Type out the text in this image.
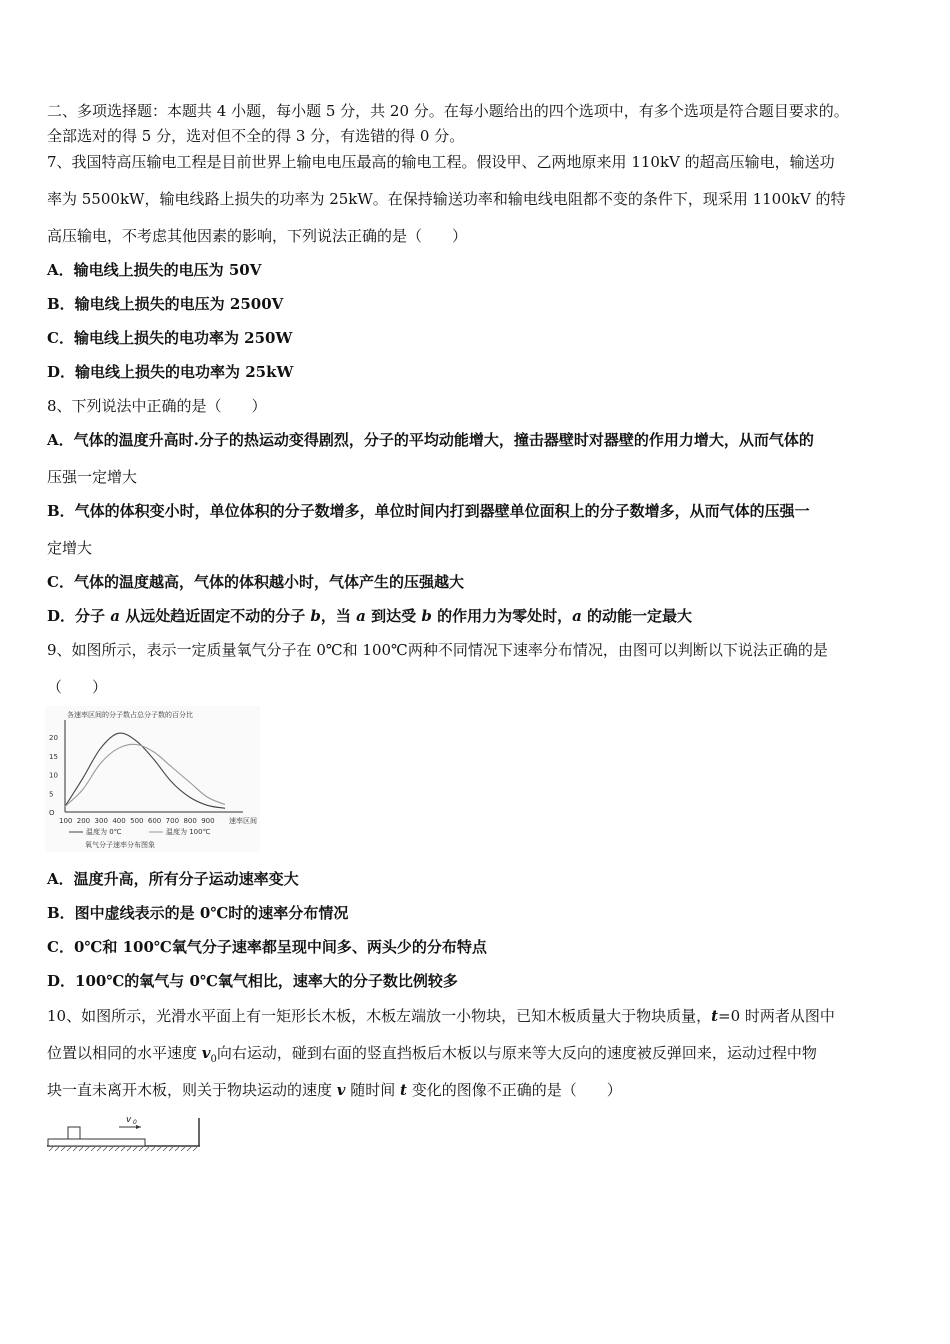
二、多项选择题：本题共 4 小题，每小题 5 分，共 20 分。在每小题给出的四个选项中，有多个选项是符合题目要求的。
全部选对的得 5 分，选对但不全的得 3 分，有选错的得 0 分。
7、我国特高压输电工程是目前世界上输电电压最高的输电工程。假设甲、乙两地原来用 110kV 的超高压输电，输送功
率为 5500kW，输电线路上损失的功率为 25kW。在保持输送功率和输电线电阻都不变的条件下，现采用 1100kV 的特
高压输电，不考虑其他因素的影响，下列说法正确的是（　　）
A．输电线上损失的电压为 50V
B．输电线上损失的电压为 2500V
C．输电线上损失的电功率为 250W
D．输电线上损失的电功率为 25kW
8、下列说法中正确的是（　　）
A．气体的温度升高时.分子的热运动变得剧烈，分子的平均动能增大，撞击器壁时对器壁的作用力增大，从而气体的
压强一定增大
B．气体的体积变小时，单位体积的分子数增多，单位时间内打到器壁单位面积上的分子数增多，从而气体的压强一
定增大
C．气体的温度越高，气体的体积越小时，气体产生的压强越大
D．分子 a 从远处趋近固定不动的分子 b，当 a 到达受 b 的作用力为零处时，a 的动能一定最大
9、如图所示，表示一定质量氧气分子在 0℃和 100℃两种不同情况下速率分布情况，由图可以判断以下说法正确的是
（　　）
各速率区间的分子数占总分子数的百分比
O
5
10
15
20
100 200 300 400 500 600 700 800 900 速率区间
温度为 0℃	温度为 100℃
氧气分子速率分布图象
A．温度升高，所有分子运动速率变大
B．图中虚线表示的是 0℃时的速率分布情况
C．0℃和 100℃氧气分子速率都呈现中间多、两头少的分布特点
D．100℃的氧气与 0℃氧气相比，速率大的分子数比例较多
10、如图所示，光滑水平面上有一矩形长木板，木板左端放一小物块，已知木板质量大于物块质量，t=0 时两者从图中
位置以相同的水平速度 $v_0$向右运动，碰到右面的竖直挡板后木板以与原来等大反向的速度被反弹回来，运动过程中物
块一直未离开木板，则关于物块运动的速度 v 随时间 t 变化的图像不正确的是（　　）
v 0
